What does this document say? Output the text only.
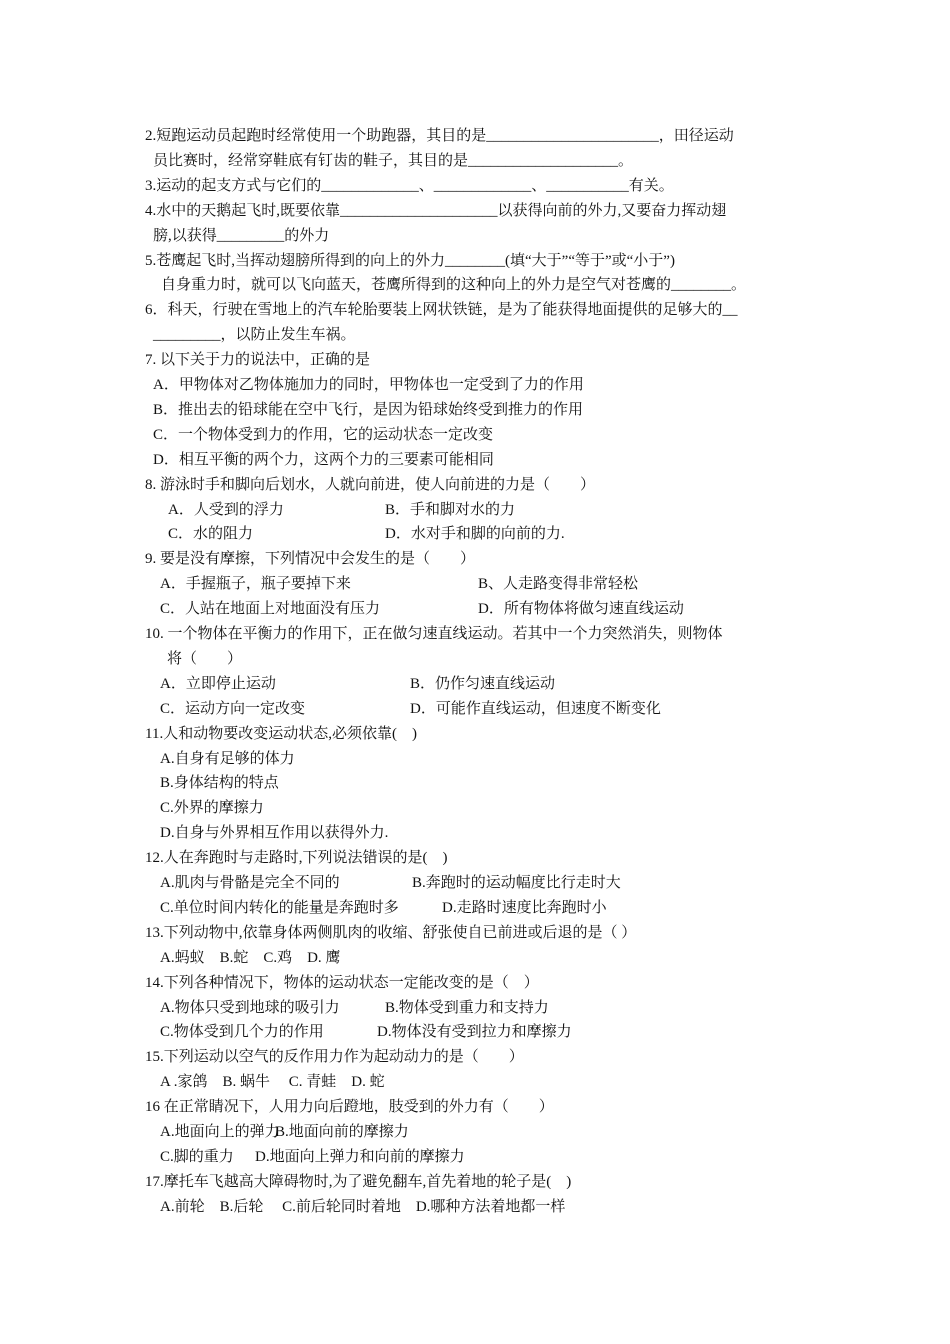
2.短跑运动员起跑时经常使用一个助跑器，其目的是_______________________，田径运动
员比赛时，经常穿鞋底有钉齿的鞋子，其目的是____________________。
3.运动的起支方式与它们的_____________、_____________、___________有关。
4.水中的天鹅起飞时,既要依靠_____________________以获得向前的外力,又要奋力挥动翅
膀,以获得_________的外力
5.苍鹰起飞时,当挥动翅膀所得到的向上的外力________(填“大于”“等于”或“小于”)
自身重力时，就可以飞向蓝天，苍鹰所得到的这种向上的外力是空气对苍鹰的________。
6．科天，行驶在雪地上的汽车轮胎要装上网状铁链，是为了能获得地面提供的足够大的__
_________，以防止发生车祸。
7. 以下关于力的说法中，正确的是
A．甲物体对乙物体施加力的同时，甲物体也一定受到了力的作用
B．推出去的铅球能在空中飞行，是因为铅球始终受到推力的作用
C．一个物体受到力的作用，它的运动状态一定改变
D．相互平衡的两个力，这两个力的三要素可能相同
8. 游泳时手和脚向后划水，人就向前进，使人向前进的力是（　　）
A．人受到的浮力	B．手和脚对水的力
C．水的阻力	D．水对手和脚的向前的力.
9. 要是没有摩擦，下列情况中会发生的是（　　）
A．手握瓶子，瓶子要掉下来	B、人走路变得非常轻松
C．人站在地面上对地面没有压力	D．所有物体将做匀速直线运动
10. 一个物体在平衡力的作用下，正在做匀速直线运动。若其中一个力突然消失，则物体
将（　　）
A．立即停止运动	B．仍作匀速直线运动
C．运动方向一定改变	D．可能作直线运动，但速度不断变化
11.人和动物要改变运动状态,必须依靠(　)
A.自身有足够的体力
B.身体结构的特点
C.外界的摩擦力
D.自身与外界相互作用以获得外力.
12.人在奔跑时与走路时,下列说法错误的是(　)
A.肌肉与骨骼是完全不同的	B.奔跑时的运动幅度比行走时大
C.单位时间内转化的能量是奔跑时多	D.走路时速度比奔跑时小
13.下列动物中,依靠身体两侧肌肉的收缩、舒张使自已前进或后退的是（ ）
A.蚂蚁　B.蛇　C.鸡　D. 鹰
14.下列各种情况下，物体的运动状态一定能改变的是（　）
A.物体只受到地球的吸引力	B.物体受到重力和支持力
C.物体受到几个力的作用	D.物体没有受到拉力和摩擦力
15.下列运动以空气的反作用力作为起动动力的是（　　）
A .家鸽　B. 蜗牛　 C. 青蛙　D. 蛇
16 在正常睛况下，人用力向后蹬地，肢受到的外力有（　　）
A.地面向上的弹力
B.地面向前的摩擦力
C.脚的重力 D.地面向上弹力和向前的摩擦力
17.摩托车飞越高大障碍物时,为了避免翻车,首先着地的轮子是(　)
A.前轮　B.后轮　 C.前后轮同时着地　D.哪种方法着地都一样
